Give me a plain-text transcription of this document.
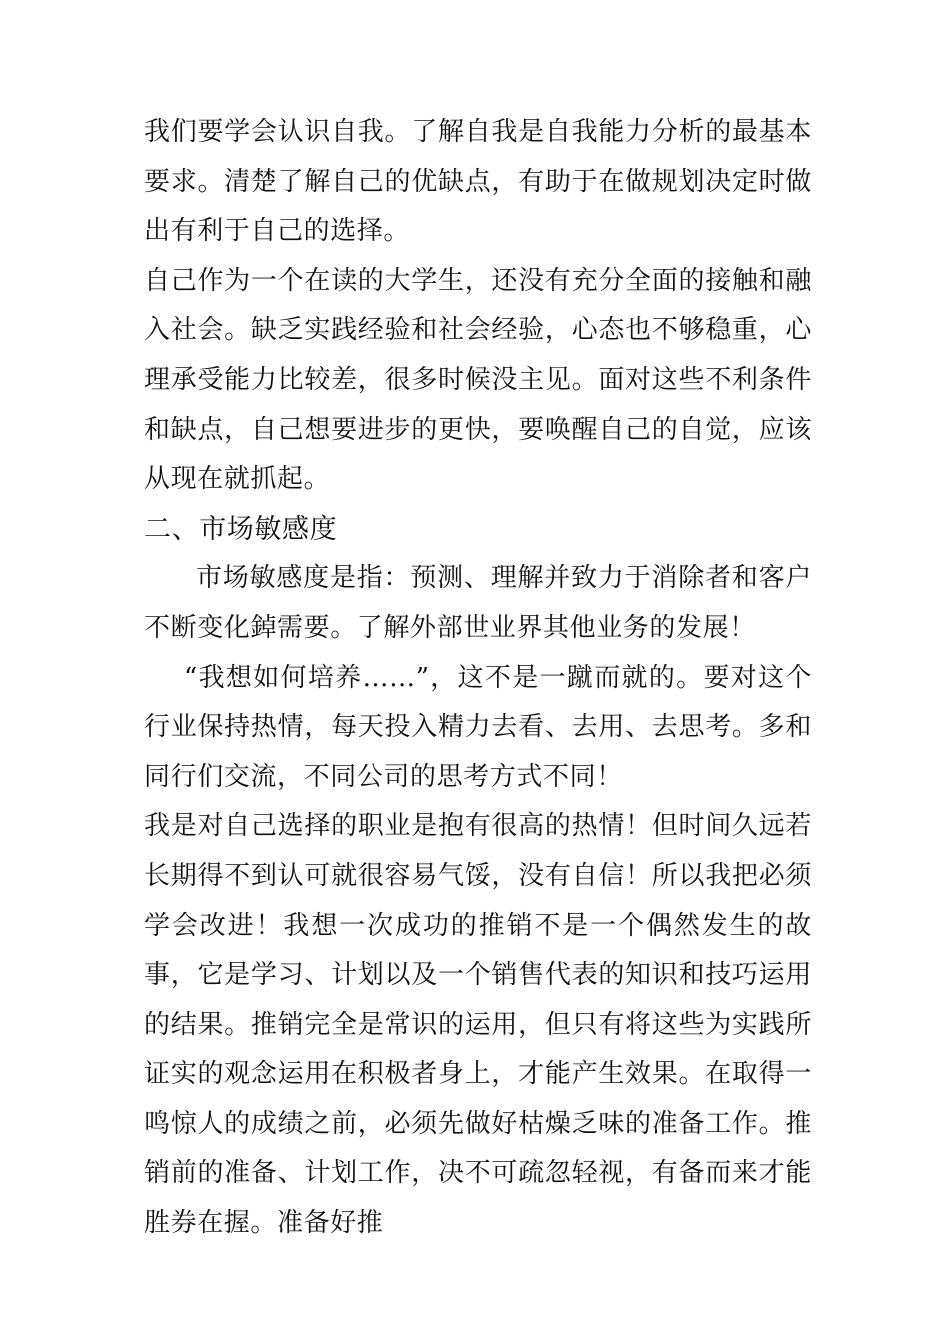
我们要学会认识自我。了解自我是自我能力分析的最基本要求。清楚了解自己的优缺点，有助于在做规划决定时做出有利于自己的选择。

自己作为一个在读的大学生，还没有充分全面的接触和融入社会。缺乏实践经验和社会经验，心态也不够稳重，心理承受能力比较差，很多时候没主见。面对这些不利条件和缺点，自己想要进步的更快，要唤醒自己的自觉，应该从现在就抓起。

二、市场敏感度

市场敏感度是指：预测、理解并致力于消除者和客户不断变化鋽需要。了解外部世业界其他业务的发展！

“我想如何培养……”，这不是一蹴而就的。要对这个行业保持热情，每天投入精力去看、去用、去思考。多和同行们交流，不同公司的思考方式不同！

我是对自己选择的职业是抱有很高的热情！但时间久远若长期得不到认可就很容易气馁，没有自信！所以我把必须学会改进！我想一次成功的推销不是一个偶然发生的故事，它是学习、计划以及一个销售代表的知识和技巧运用的结果。推销完全是常识的运用，但只有将这些为实践所证实的观念运用在积极者身上，才能产生效果。在取得一鸣惊人的成绩之前，必须先做好枯燥乏味的准备工作。推销前的准备、计划工作，决不可疏忽轻视，有备而来才能胜券在握。准备好推
